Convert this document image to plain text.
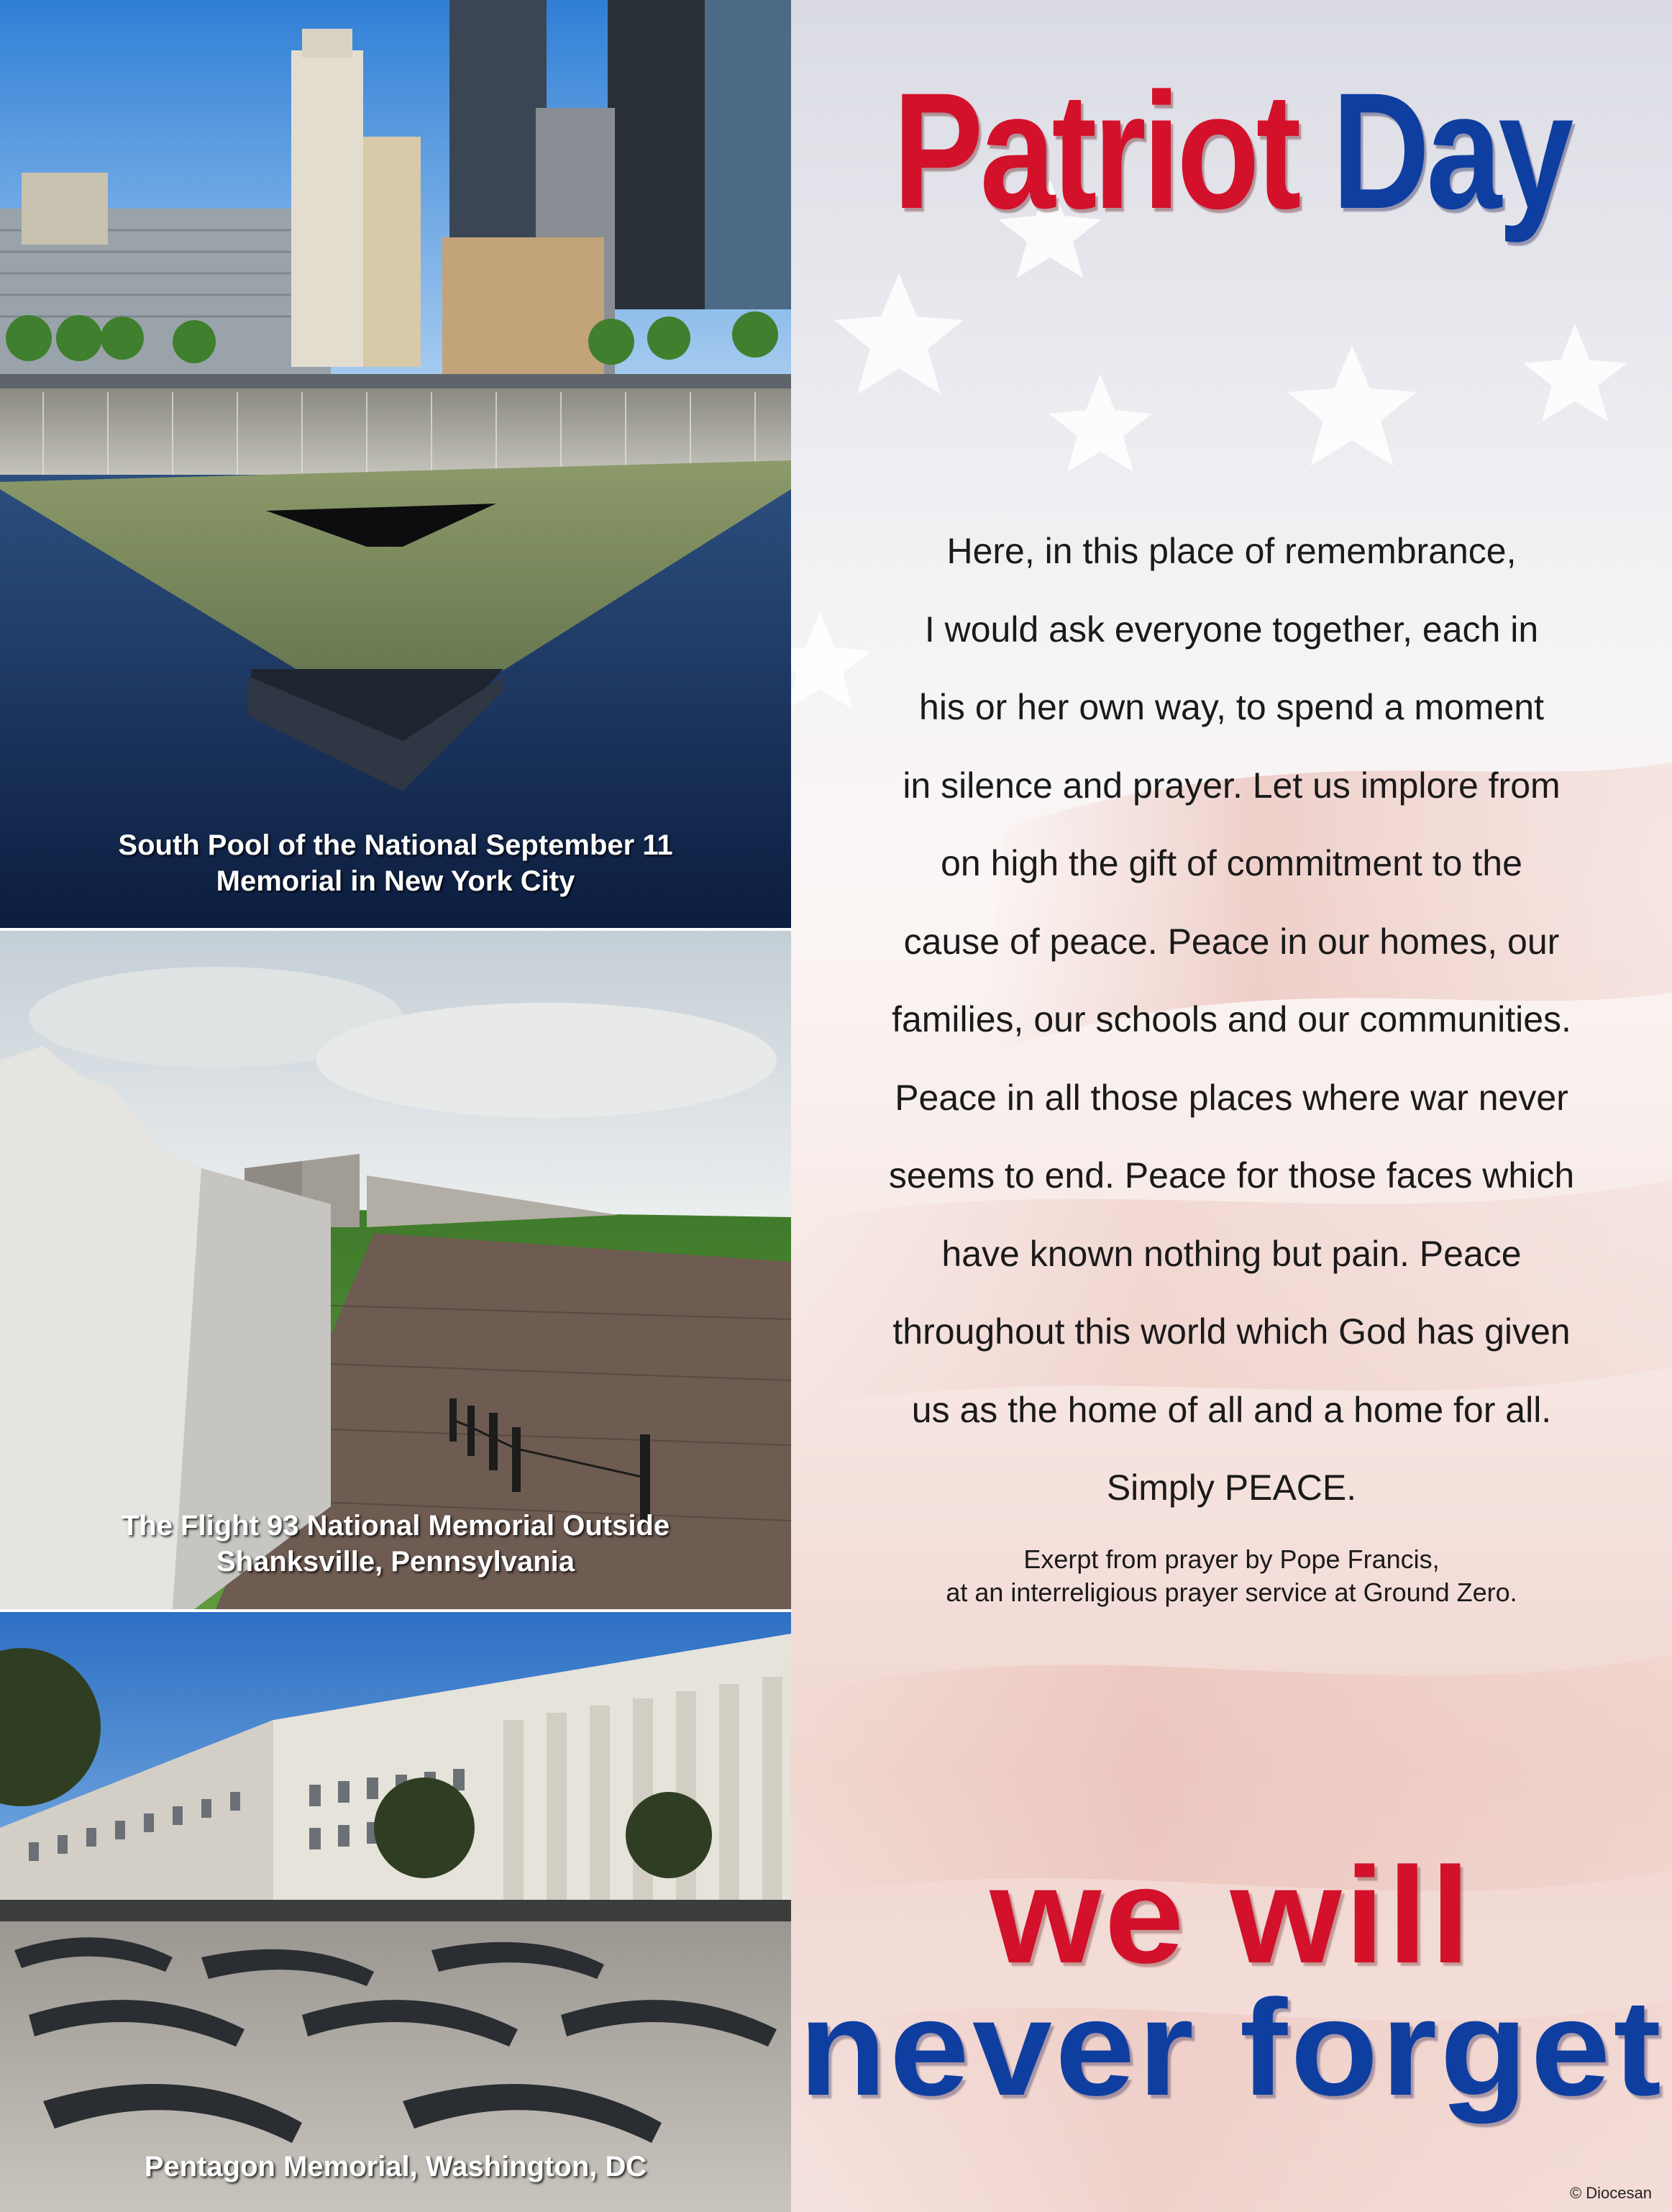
South Pool of the National September 11
Memorial in New York City
The Flight 93 National Memorial Outside
Shanksville, Pennsylvania
Pentagon Memorial, Washington, DC
Patriot Day
Here, in this place of remembrance,
I would ask everyone together, each in
his or her own way, to spend a moment
in silence and prayer. Let us implore from
on high the gift of commitment to the
cause of peace. Peace in our homes, our
families, our schools and our communities.
Peace in all those places where war never
seems to end. Peace for those faces which
have known nothing but pain. Peace
throughout this world which God has given
us as the home of all and a home for all.
Simply PEACE.
Exerpt from prayer by Pope Francis,
at an interreligious prayer service at Ground Zero.
we will
never forget
© Diocesan
